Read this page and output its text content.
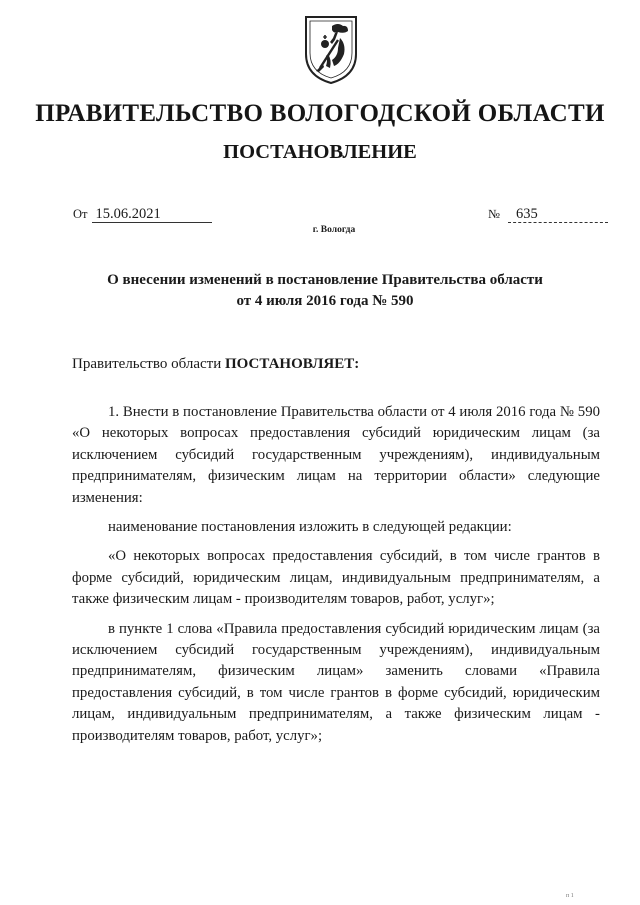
ПРАВИТЕЛЬСТВО ВОЛОГОДСКОЙ ОБЛАСТИ
ПОСТАНОВЛЕНИЕ
От 15.06.2021	№ 635
г. Вологда
О внесении изменений в постановление Правительства области
от 4 июля 2016 года № 590
Правительство области ПОСТАНОВЛЯЕТ:

1. Внести в постановление Правительства области от 4 июля 2016 года № 590 «О некоторых вопросах предоставления субсидий юридическим лицам (за исключением субсидий государственным учреждениям), индивидуальным предпринимателям, физическим лицам на территории области» следующие изменения:

наименование постановления изложить в следующей редакции:

«О некоторых вопросах предоставления субсидий, в том числе грантов в форме субсидий, юридическим лицам, индивидуальным предпринимателям, а также физическим лицам - производителям товаров, работ, услуг»;

в пункте 1 слова «Правила предоставления субсидий юридическим лицам (за исключением субсидий государственным учреждениям), индивидуальным предпринимателям, физическим лицам» заменить словами «Правила предоставления субсидий, в том числе грантов в форме субсидий, юридическим лицам, индивидуальным предпринимателям, а также физическим лицам - производителям товаров, работ, услуг»;

п 1
